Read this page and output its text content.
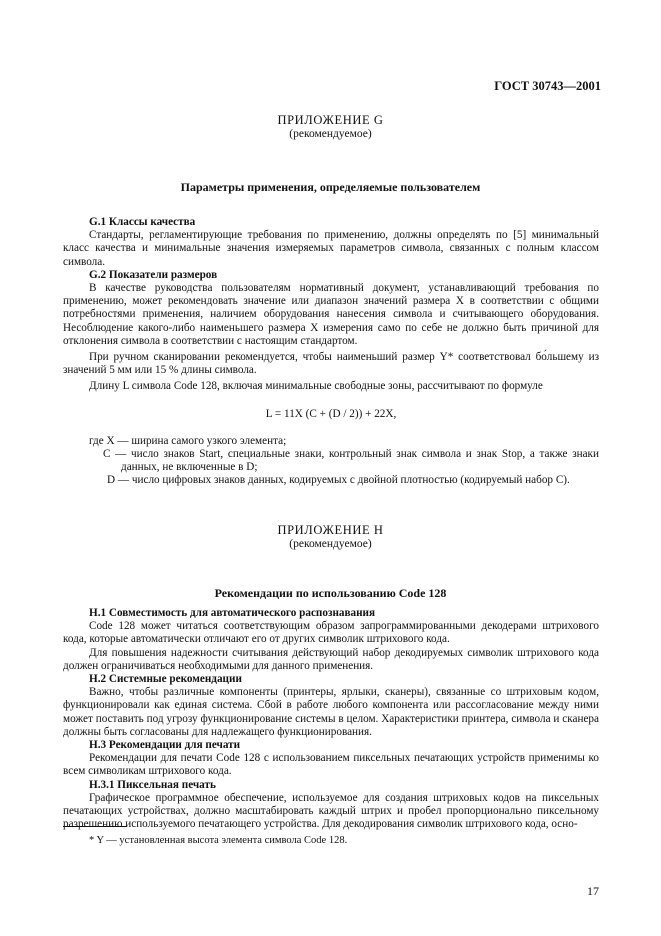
ГОСТ 30743—2001
ПРИЛОЖЕНИЕ G
(рекомендуемое)
Параметры применения, определяемые пользователем

G.1 Классы качества

Стандарты, регламентирующие требования по применению, должны определять по [5] минимальный класс качества и минимальные значения измеряемых параметров символа, связанных с полным классом символа.

G.2 Показатели размеров

В качестве руководства пользователям нормативный документ, устанавливающий требования по применению, может рекомендовать значение или диапазон значений размера X в соответствии с общими потребностями применения, наличием оборудования нанесения символа и считывающего оборудования. Несоблюдение какого-либо наименьшего размера X измерения само по себе не должно быть причиной для отклонения символа в соответствии с настоящим стандартом.

При ручном сканировании рекомендуется, чтобы наименьший размер Y* соответствовал бо́льшему из значений 5 мм или 15 % длины символа.

Длину L символа Code 128, включая минимальные свободные зоны, рассчитывают по формуле

L = 11X (C + (D / 2)) + 22X,

где X — ширина самого узкого элемента;

C — число знаков Start, специальные знаки, контрольный знак символа и знак Stop, а также знаки данных, не включенные в D;

D — число цифровых знаков данных, кодируемых с двойной плотностью (кодируемый набор С).

ПРИЛОЖЕНИЕ H
(рекомендуемое)
Рекомендации по использованию Code 128

H.1 Совместимость для автоматического распознавания

Code 128 может читаться соответствующим образом запрограммированными декодерами штрихового кода, которые автоматически отличают его от других символик штрихового кода.

Для повышения надежности считывания действующий набор декодируемых символик штрихового кода должен ограничиваться необходимыми для данного применения.

H.2 Системные рекомендации

Важно, чтобы различные компоненты (принтеры, ярлыки, сканеры), связанные со штриховым кодом, функционировали как единая система. Сбой в работе любого компонента или рассогласование между ними может поставить под угрозу функционирование системы в целом. Характеристики принтера, символа и сканера должны быть согласованы для надлежащего функционирования.

H.3 Рекомендации для печати

Рекомендации для печати Code 128 с использованием пиксельных печатающих устройств применимы ко всем символикам штрихового кода.

H.3.1 Пиксельная печать

Графическое программное обеспечение, используемое для создания штриховых кодов на пиксельных печатающих устройствах, должно масштабировать каждый штрих и пробел пропорционально пиксельному разрешению используемого печатающего устройства. Для декодирования символик штрихового кода, осно-

* Y — установленная высота элемента символа Code 128.
17
